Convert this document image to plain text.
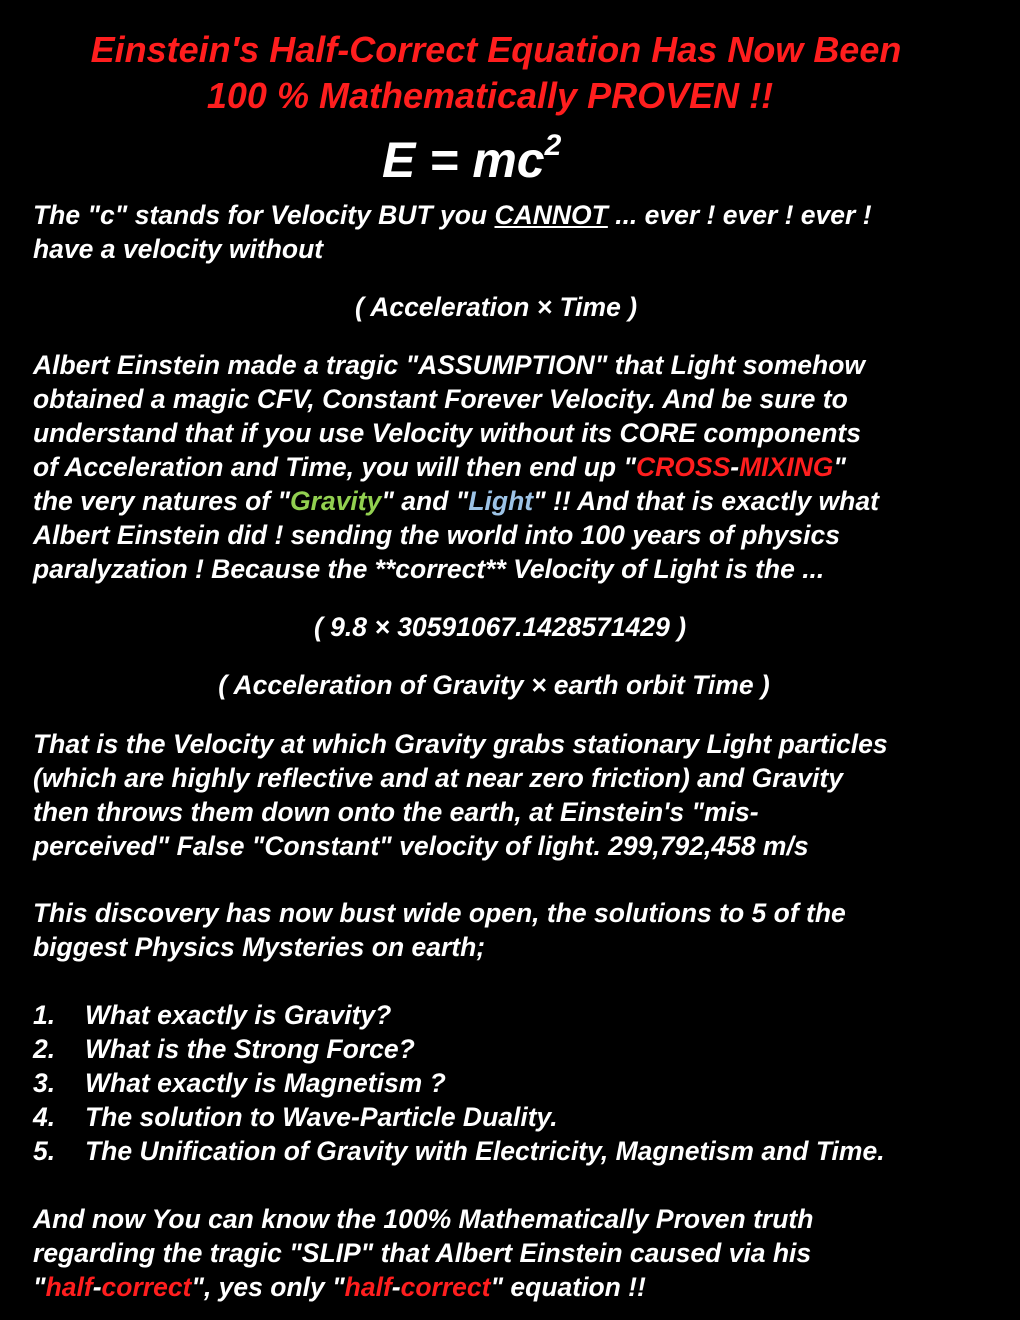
Einstein's Half-Correct Equation Has Now Been
100 % Mathematically PROVEN !!
$E = mc^2$
The "c" stands for Velocity BUT you CANNOT ... ever ! ever ! ever !
have a velocity without
( Acceleration × Time )
Albert Einstein made a tragic "ASSUMPTION" that Light somehow
obtained a magic CFV, Constant Forever Velocity. And be sure to
understand that if you use Velocity without its CORE components
of Acceleration and Time, you will then end up "CROSS-MIXING"
the very natures of "Gravity" and "Light" !! And that is exactly what
Albert Einstein did ! sending the world into 100 years of physics
paralyzation ! Because the **correct** Velocity of Light is the ...
( 9.8 × 30591067.1428571429 )
( Acceleration of Gravity × earth orbit Time )
That is the Velocity at which Gravity grabs stationary Light particles
(which are highly reflective and at near zero friction) and Gravity
then throws them down onto the earth, at Einstein's "mis-
perceived" False "Constant" velocity of light. 299,792,458 m/s
This discovery has now bust wide open, the solutions to 5 of the
biggest Physics Mysteries on earth;
1. What exactly is Gravity?
2. What is the Strong Force?
3. What exactly is Magnetism ?
4. The solution to Wave-Particle Duality.
5. The Unification of Gravity with Electricity, Magnetism and Time.
And now You can know the 100% Mathematically Proven truth
regarding the tragic "SLIP" that Albert Einstein caused via his
"half-correct", yes only "half-correct" equation !!
